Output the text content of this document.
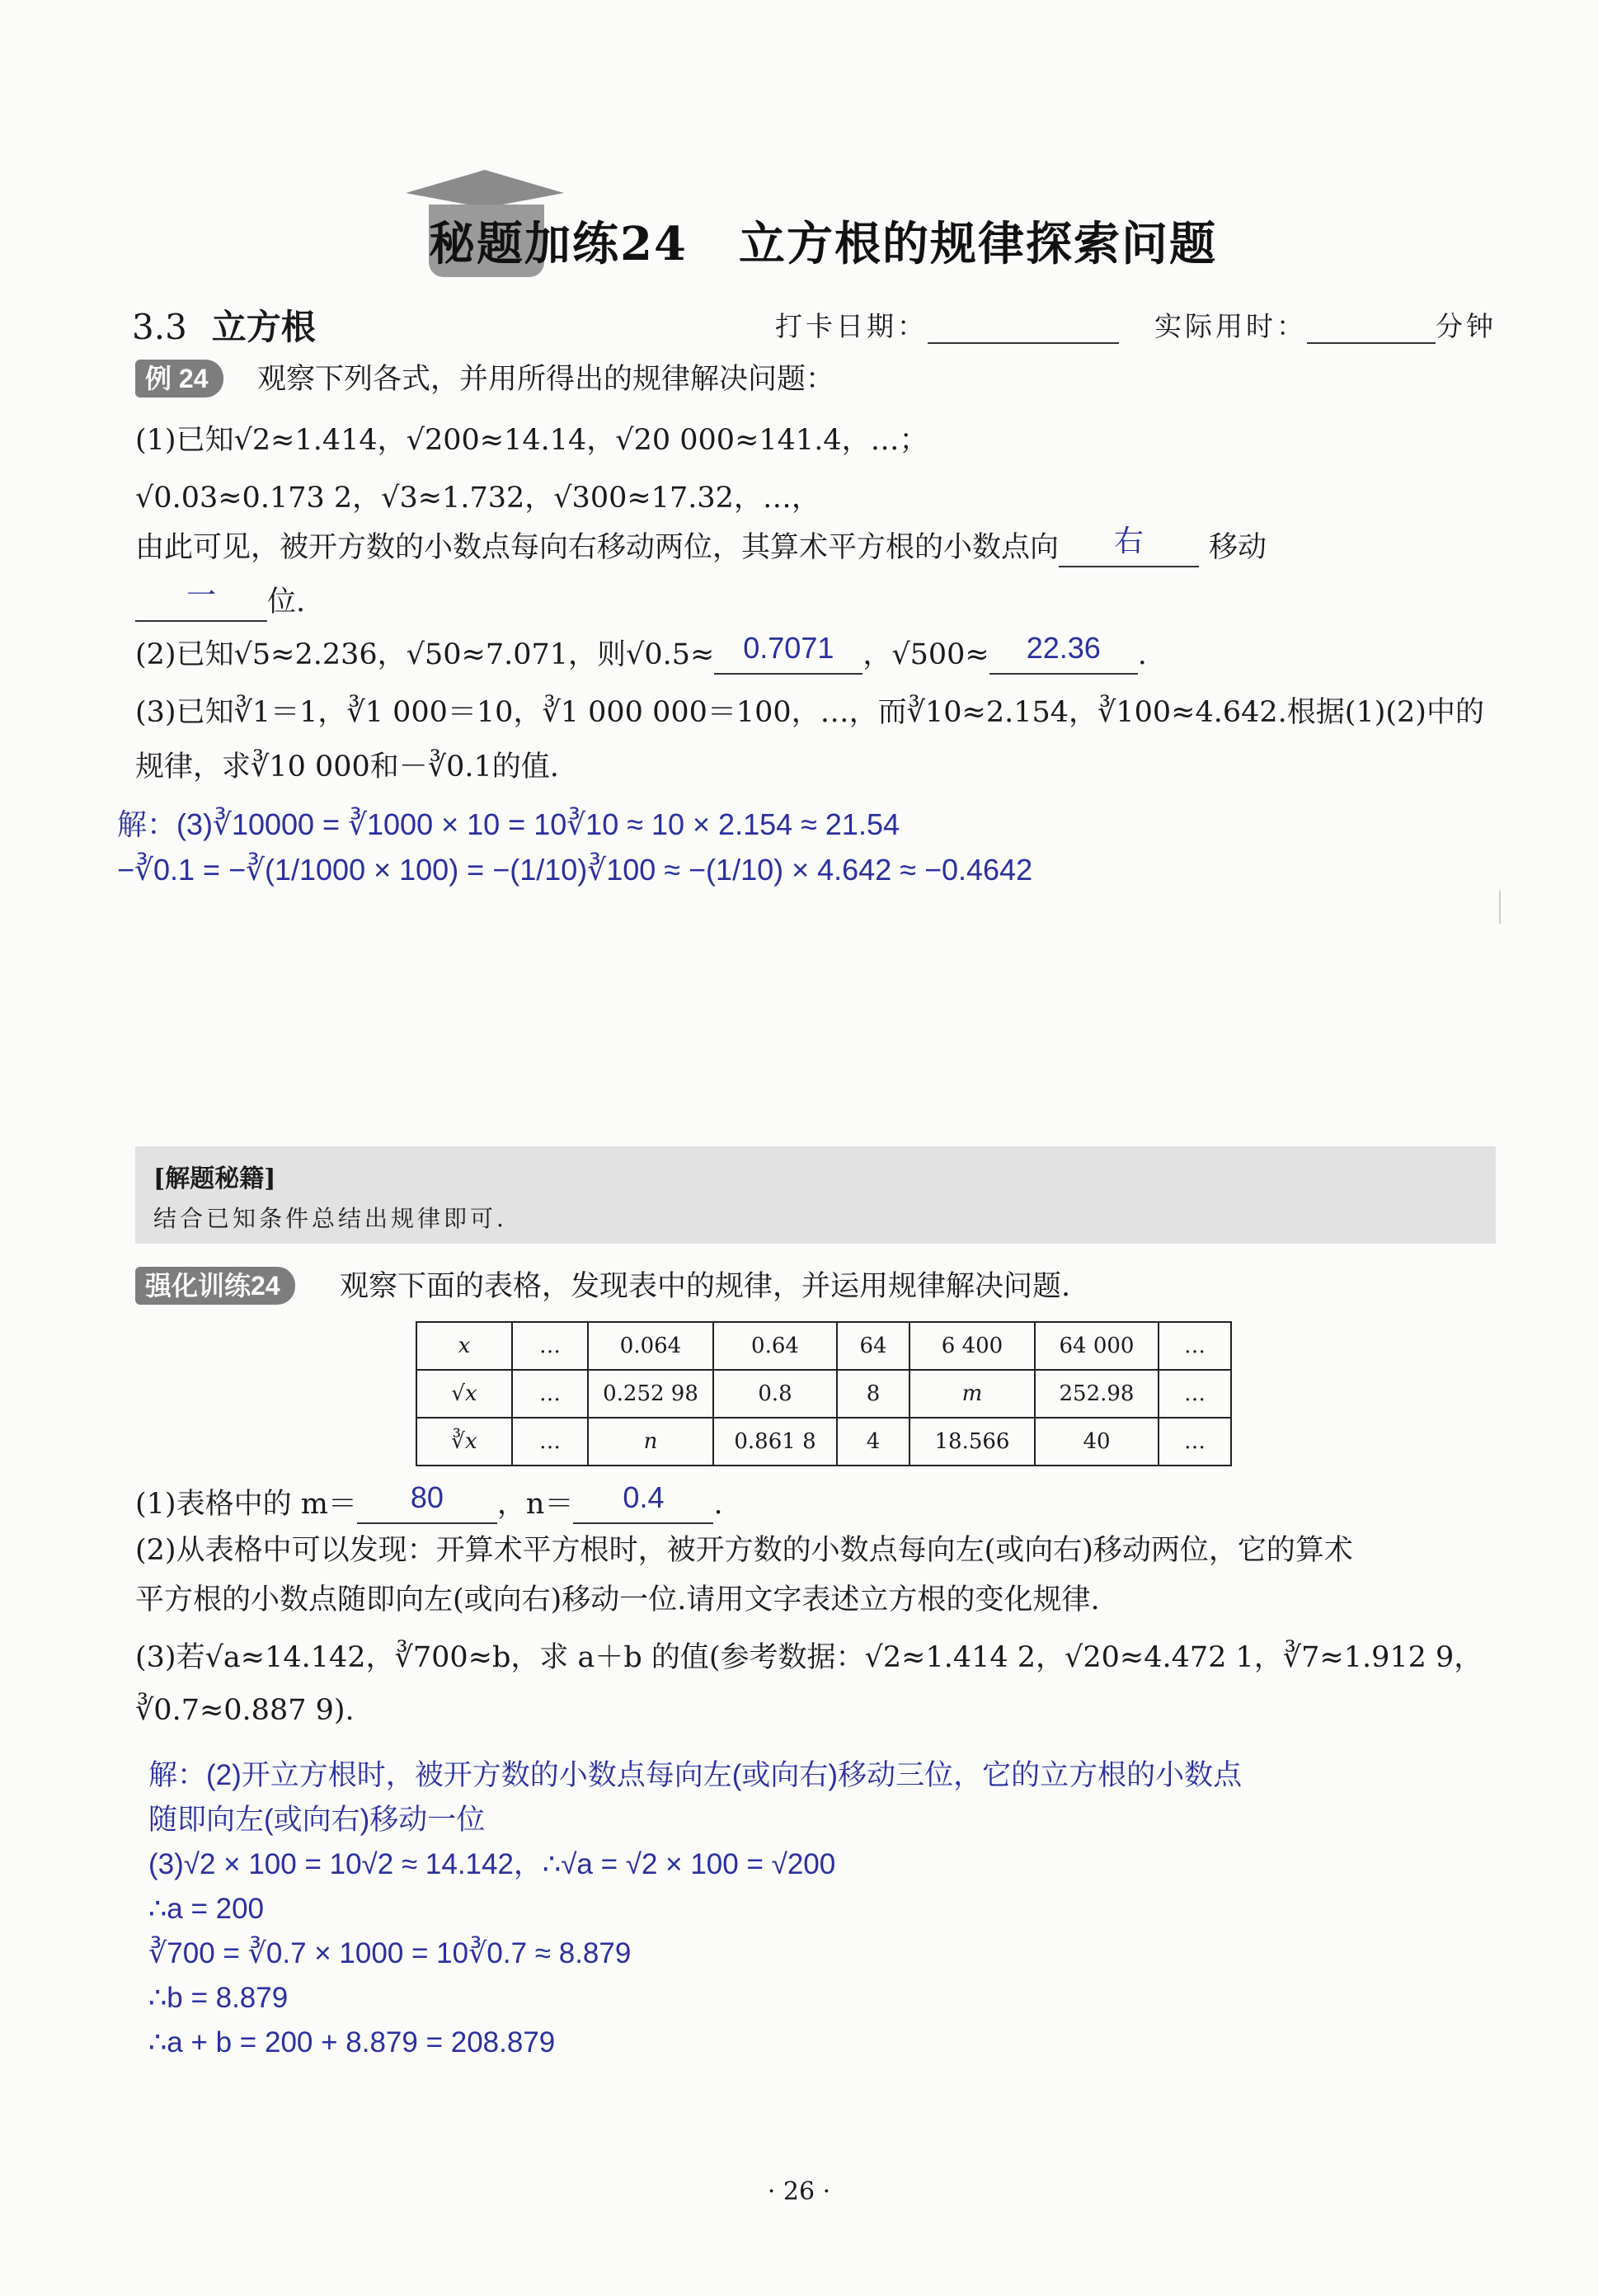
秘题加练24 立方根的规律探索问题
3.3 立方根	打卡日期：	实际用时：	分钟
例 24	观察下列各式，并用所得出的规律解决问题：
(1)已知√2≈1.414，√200≈14.14，√20 000≈141.4，…；
√0.03≈0.173 2，√3≈1.732，√300≈17.32，…，
由此可见，被开方数的小数点每向右移动两位，其算术平方根的小数点向	右	移动
一	位.
(2)已知√5≈2.236，√50≈7.071，则√0.5≈ 0.7071 ，√500≈	22.36	.
(3)已知∛1＝1，∛1 000＝10，∛1 000 000＝100，…，而∛10≈2.154，∛100≈4.642.根据(1)(2)中的
规律，求∛10 000和－∛0.1的值.
解：(3)∛10000 = ∛1000 × 10 = 10∛10 ≈ 10 × 2.154 ≈ 21.54
−∛0.1 = −∛(1/1000 × 100) = −(1/10)∛100 ≈ −(1/10) × 4.642 ≈ −0.4642
[解题秘籍]
结合已知条件总结出规律即可.
强化训练24	观察下面的表格，发现表中的规律，并运用规律解决问题.
x	…	0.064	0.64	64	6 400	64 000	…
√x	…	0.252 98	0.8	8	m	252.98	…
∛x	…	n	0.861 8	4	18.566	40	…
(1)表格中的 m＝	80	，n＝	0.4	.
(2)从表格中可以发现：开算术平方根时，被开方数的小数点每向左(或向右)移动两位，它的算术
平方根的小数点随即向左(或向右)移动一位.请用文字表述立方根的变化规律.
(3)若√a≈14.142，∛700≈b，求 a＋b 的值(参考数据：√2≈1.414 2，√20≈4.472 1，∛7≈1.912 9，
∛0.7≈0.887 9).
解：(2)开立方根时，被开方数的小数点每向左(或向右)移动三位，它的立方根的小数点
随即向左(或向右)移动一位
(3)√2 × 100 = 10√2 ≈ 14.142，∴√a = √2 × 100 = √200
∴a = 200
∛700 = ∛0.7 × 1000 = 10∛0.7 ≈ 8.879
∴b = 8.879
∴a + b = 200 + 8.879 = 208.879
· 26 ·
